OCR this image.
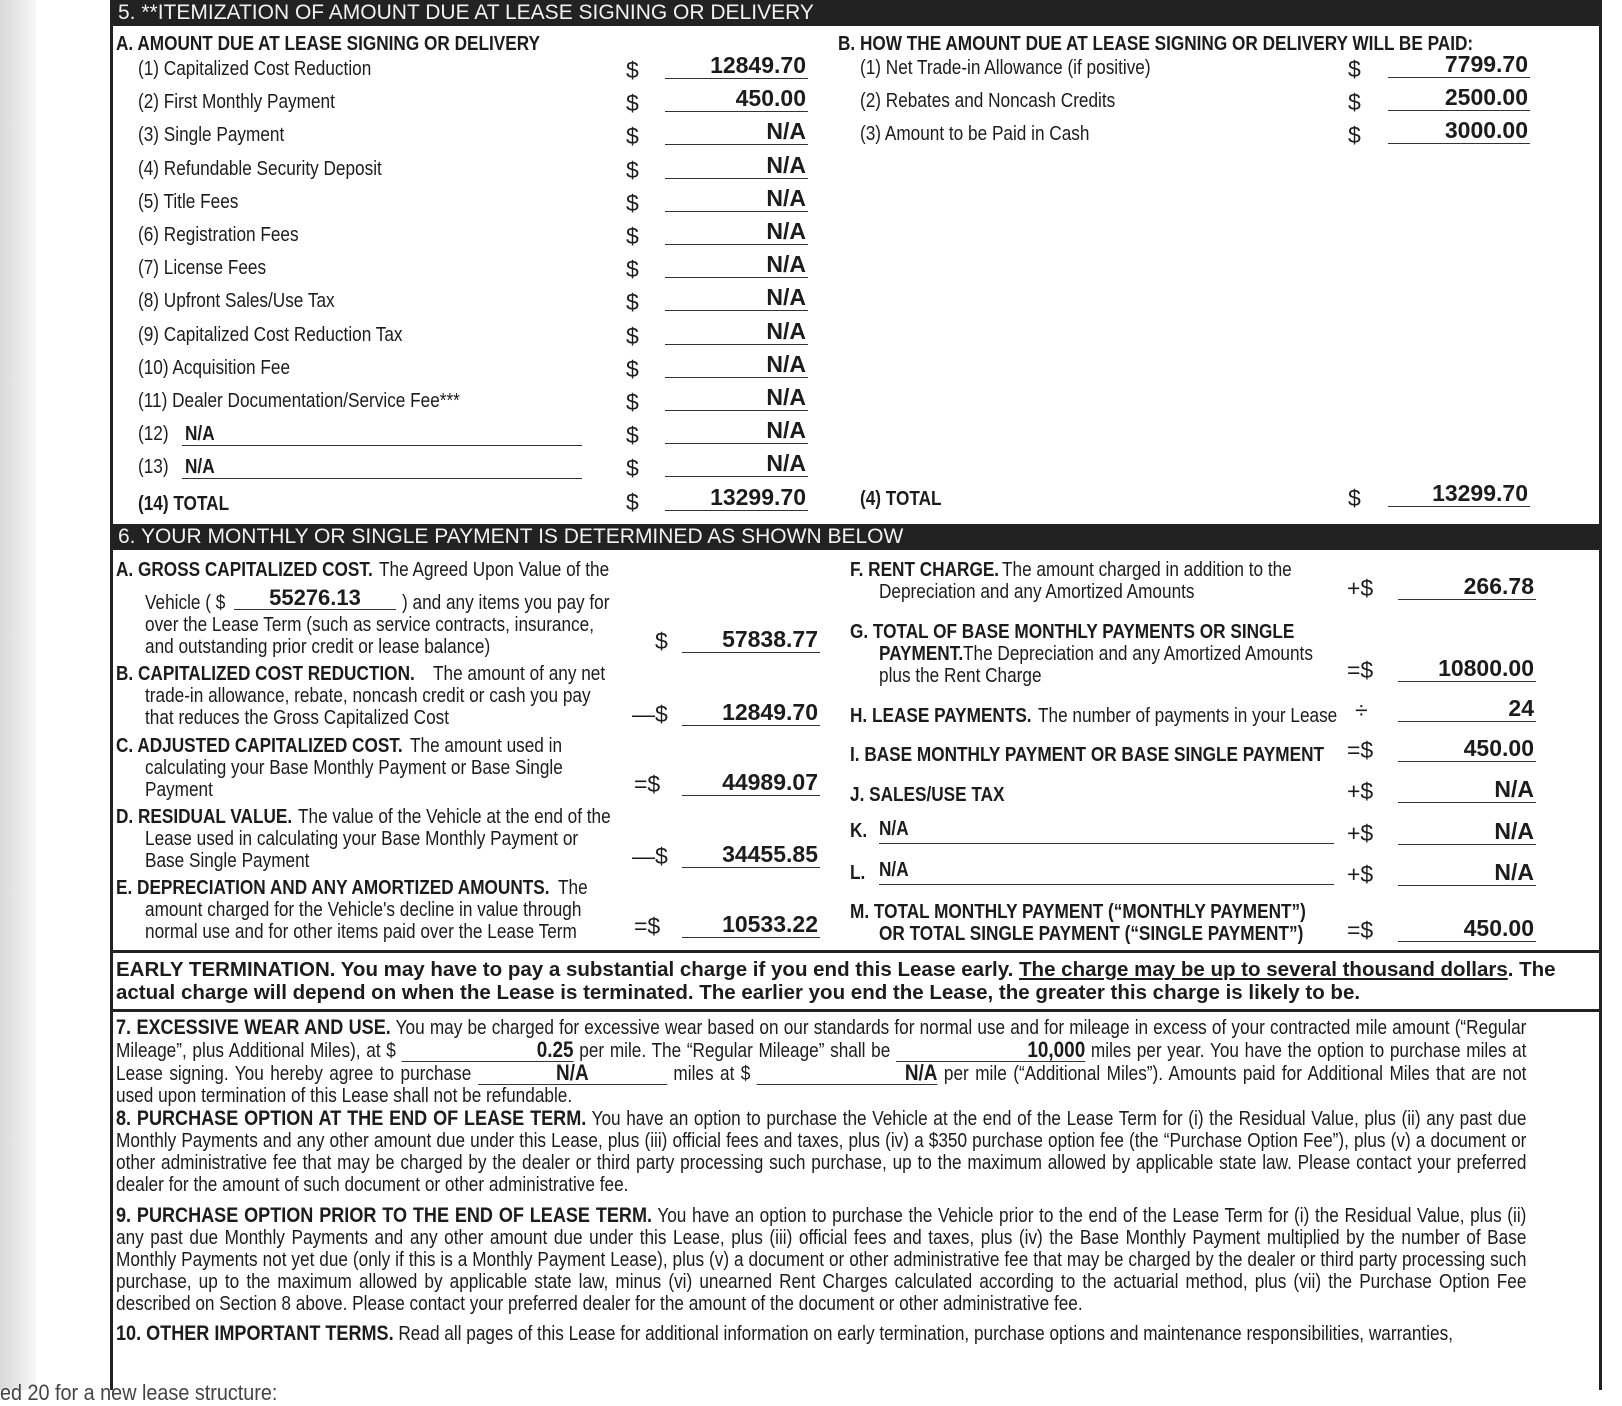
5. **ITEMIZATION OF AMOUNT DUE AT LEASE SIGNING OR DELIVERY
A. AMOUNT DUE AT LEASE SIGNING OR DELIVERY
(1) Capitalized Cost Reduction	$	12849.70
(2) First Monthly Payment	$	450.00
(3) Single Payment	$	N/A
(4) Refundable Security Deposit	$	N/A
(5) Title Fees	$	N/A
(6) Registration Fees	$	N/A
(7) License Fees	$	N/A
(8) Upfront Sales/Use Tax	$	N/A
(9) Capitalized Cost Reduction Tax	$	N/A
(10) Acquisition Fee	$	N/A
(11) Dealer Documentation/Service Fee***	$	N/A
(12) N/A	$	N/A
(13) N/A	$	N/A
(14) TOTAL	$	13299.70
B. HOW THE AMOUNT DUE AT LEASE SIGNING OR DELIVERY WILL BE PAID:
(1) Net Trade-in Allowance (if positive)	$	7799.70
(2) Rebates and Noncash Credits	$	2500.00
(3) Amount to be Paid in Cash	$	3000.00
(4) TOTAL	$	13299.70
6. YOUR MONTHLY OR SINGLE PAYMENT IS DETERMINED AS SHOWN BELOW
A. GROSS CAPITALIZED COST. The Agreed Upon Value of the
Vehicle ( $	55276.13	) and any items you pay for
over the Lease Term (such as service contracts, insurance,
and outstanding prior credit or lease balance)	$	57838.77
B. CAPITALIZED COST REDUCTION. The amount of any net
trade-in allowance, rebate, noncash credit or cash you pay
that reduces the Gross Capitalized Cost	—$	12849.70
C. ADJUSTED CAPITALIZED COST. The amount used in
calculating your Base Monthly Payment or Base Single
Payment	=$	44989.07
D. RESIDUAL VALUE. The value of the Vehicle at the end of the
Lease used in calculating your Base Monthly Payment or
Base Single Payment	—$	34455.85
E. DEPRECIATION AND ANY AMORTIZED AMOUNTS. The
amount charged for the Vehicle's decline in value through
normal use and for other items paid over the Lease Term =$	10533.22
F. RENT CHARGE. The amount charged in addition to the
Depreciation and any Amortized Amounts	+$	266.78
G. TOTAL OF BASE MONTHLY PAYMENTS OR SINGLE
PAYMENT. The Depreciation and any Amortized Amounts
plus the Rent Charge	=$	10800.00
H. LEASE PAYMENTS. The number of payments in your Lease ÷	24
I. BASE MONTHLY PAYMENT OR BASE SINGLE PAYMENT =$	450.00
J. SALES/USE TAX	+$	N/A
K. N/A	+$	N/A
L. N/A	+$	N/A
M. TOTAL MONTHLY PAYMENT (“MONTHLY PAYMENT”)
OR TOTAL SINGLE PAYMENT (“SINGLE PAYMENT”) =$	450.00
EARLY TERMINATION. You may have to pay a substantial charge if you end this Lease early. The charge may be up to several thousand dollars. The actual charge will depend on when the Lease is terminated. The earlier you end the Lease, the greater this charge is likely to be.
7. EXCESSIVE WEAR AND USE. You may be charged for excessive wear based on our standards for normal use and for mileage in excess of your contracted mile amount (“Regular Mileage”, plus Additional Miles), at $	0.25 per mile. The “Regular Mileage” shall be	10,000 miles per year. You have the option to purchase miles at Lease signing. You hereby agree to purchase	N/A	miles at $	N/A per mile (“Additional Miles”). Amounts paid for Additional Miles that are not used upon termination of this Lease shall not be refundable.
8. PURCHASE OPTION AT THE END OF LEASE TERM. You have an option to purchase the Vehicle at the end of the Lease Term for (i) the Residual Value, plus (ii) any past due Monthly Payments and any other amount due under this Lease, plus (iii) official fees and taxes, plus (iv) a $350 purchase option fee (the “Purchase Option Fee”), plus (v) a document or other administrative fee that may be charged by the dealer or third party processing such purchase, up to the maximum allowed by applicable state law. Please contact your preferred dealer for the amount of such document or other administrative fee.
9. PURCHASE OPTION PRIOR TO THE END OF LEASE TERM. You have an option to purchase the Vehicle prior to the end of the Lease Term for (i) the Residual Value, plus (ii) any past due Monthly Payments and any other amount due under this Lease, plus (iii) official fees and taxes, plus (iv) the Base Monthly Payment multiplied by the number of Base Monthly Payments not yet due (only if this is a Monthly Payment Lease), plus (v) a document or other administrative fee that may be charged by the dealer or third party processing such purchase, up to the maximum allowed by applicable state law, minus (vi) unearned Rent Charges calculated according to the actuarial method, plus (vii) the Purchase Option Fee described on Section 8 above. Please contact your preferred dealer for the amount of the document or other administrative fee.
10. OTHER IMPORTANT TERMS. Read all pages of this Lease for additional information on early termination, purchase options and maintenance responsibilities, warranties,
ed 20 for a new lease structure:
